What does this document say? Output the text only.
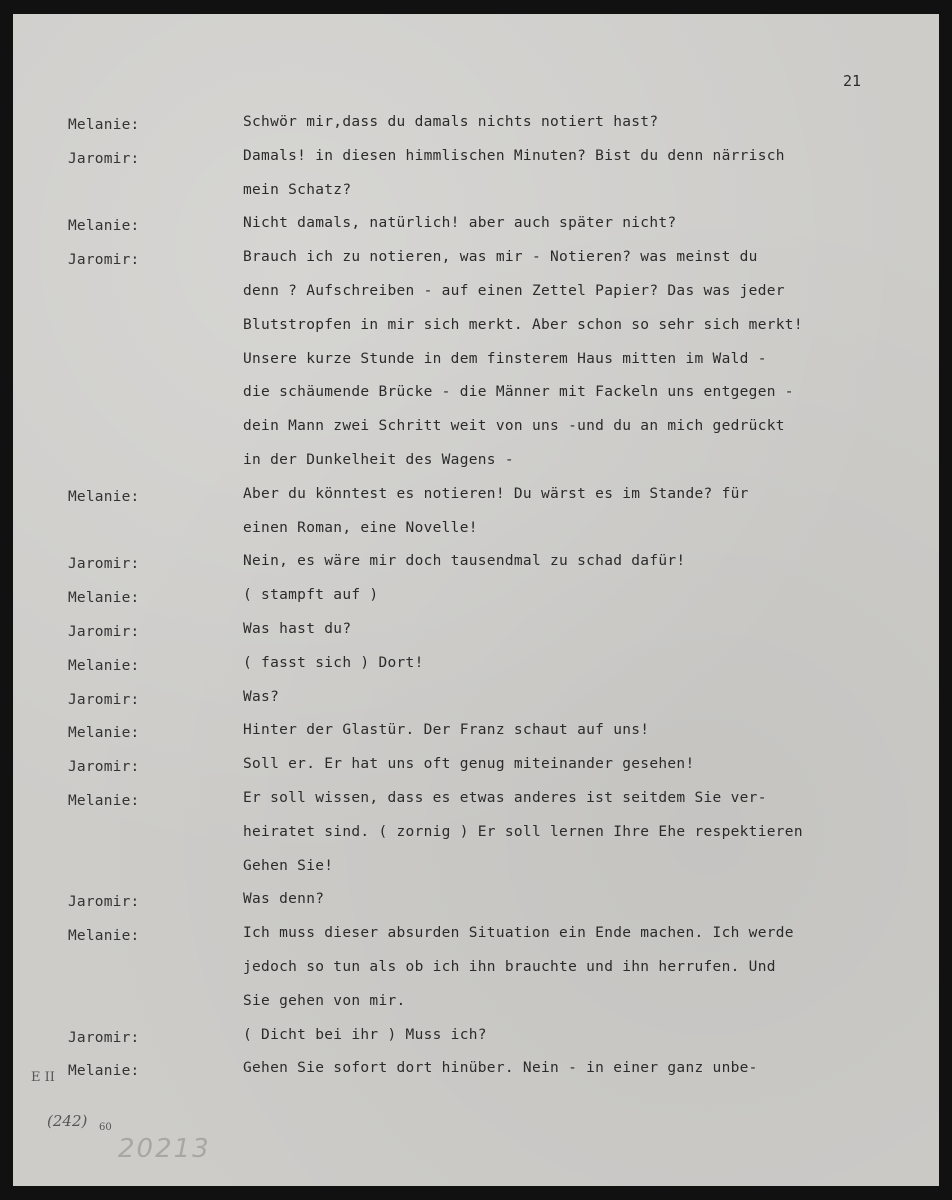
21
Melanie:	Schwör mir,dass du damals nichts notiert hast?
Jaromir:	Damals! in diesen himmlischen Minuten? Bist du denn närrisch
mein Schatz?
Melanie:	Nicht damals, natürlich! aber auch später nicht?
Jaromir:	Brauch ich zu notieren, was mir - Notieren? was meinst du
denn ? Aufschreiben - auf einen Zettel Papier? Das was jeder
Blutstropfen in mir sich merkt. Aber schon so sehr sich merkt!
Unsere kurze Stunde in dem finsterem Haus mitten im Wald -
die schäumende Brücke - die Männer mit Fackeln uns entgegen -
dein Mann zwei Schritt weit von uns -und du an mich gedrückt
in der Dunkelheit des Wagens -
Melanie:	Aber du könntest es notieren! Du wärst es im Stande? für
einen Roman, eine Novelle!
Jaromir:	Nein, es wäre mir doch tausendmal zu schad dafür!
Melanie:	( stampft auf )
Jaromir:	Was hast du?
Melanie:	( fasst sich ) Dort!
Jaromir:	Was?
Melanie:	Hinter der Glastür. Der Franz schaut auf uns!
Jaromir:	Soll er. Er hat uns oft genug miteinander gesehen!
Melanie:	Er soll wissen, dass es etwas anderes ist seitdem Sie ver-
heiratet sind. ( zornig ) Er soll lernen Ihre Ehe respektieren
Gehen Sie!
Jaromir:	Was denn?
Melanie:	Ich muss dieser absurden Situation ein Ende machen. Ich werde
jedoch so tun als ob ich ihn brauchte und ihn herrufen. Und
Sie gehen von mir.
Jaromir:	( Dicht bei ihr ) Muss ich?
Melanie:	Gehen Sie sofort dort hinüber. Nein - in einer ganz unbe-
E II
(242) 60
20213
